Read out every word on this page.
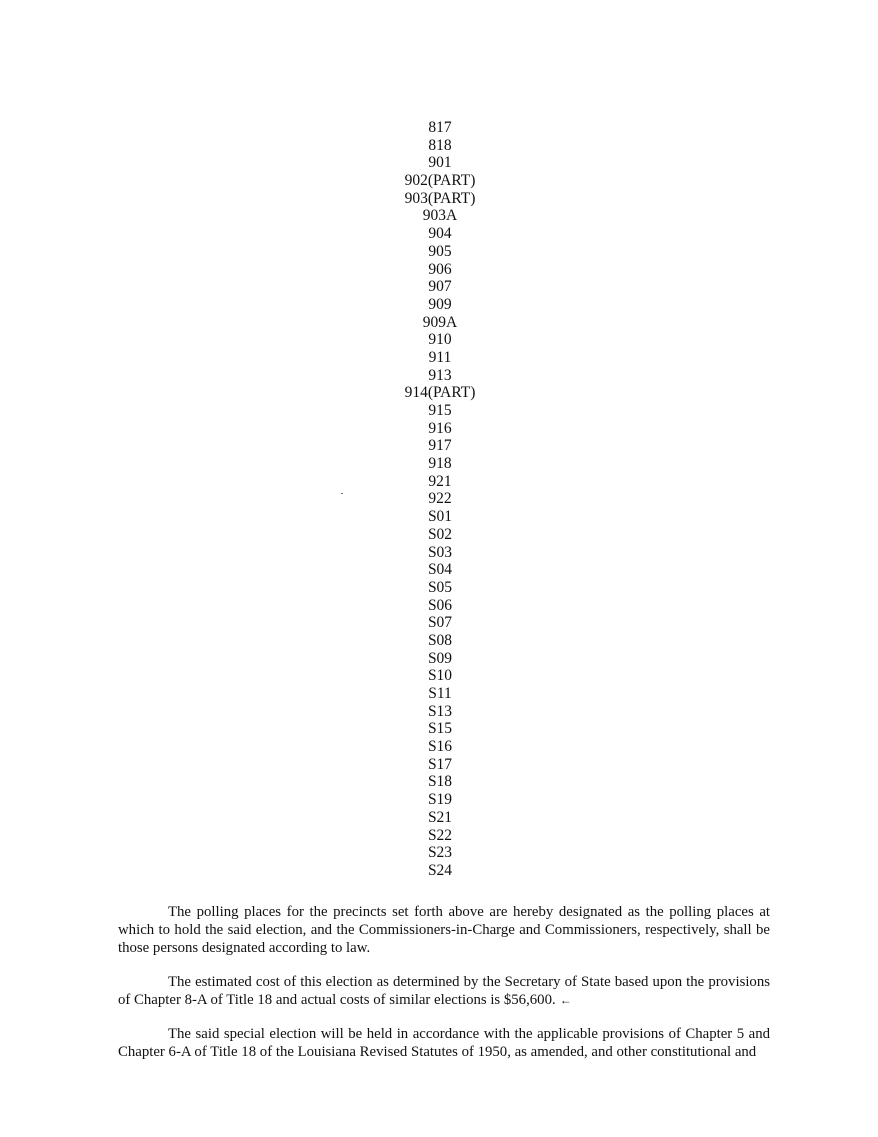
817
818
901
902(PART)
903(PART)
903A
904
905
906
907
909
909A
910
911
913
914(PART)
915
916
917
918
921
922
S01
S02
S03
S04
S05
S06
S07
S08
S09
S10
S11
S13
S15
S16
S17
S18
S19
S21
S22
S23
S24

The polling places for the precincts set forth above are hereby designated as the polling places at which to hold the said election, and the Commissioners-in-Charge and Commissioners, respectively, shall be those persons designated according to law.

The estimated cost of this election as determined by the Secretary of State based upon the provisions of Chapter 8-A of Title 18 and actual costs of similar elections is $56,600. ←

The said special election will be held in accordance with the applicable provisions of Chapter 5 and Chapter 6-A of Title 18 of the Louisiana Revised Statutes of 1950, as amended, and other constitutional and
